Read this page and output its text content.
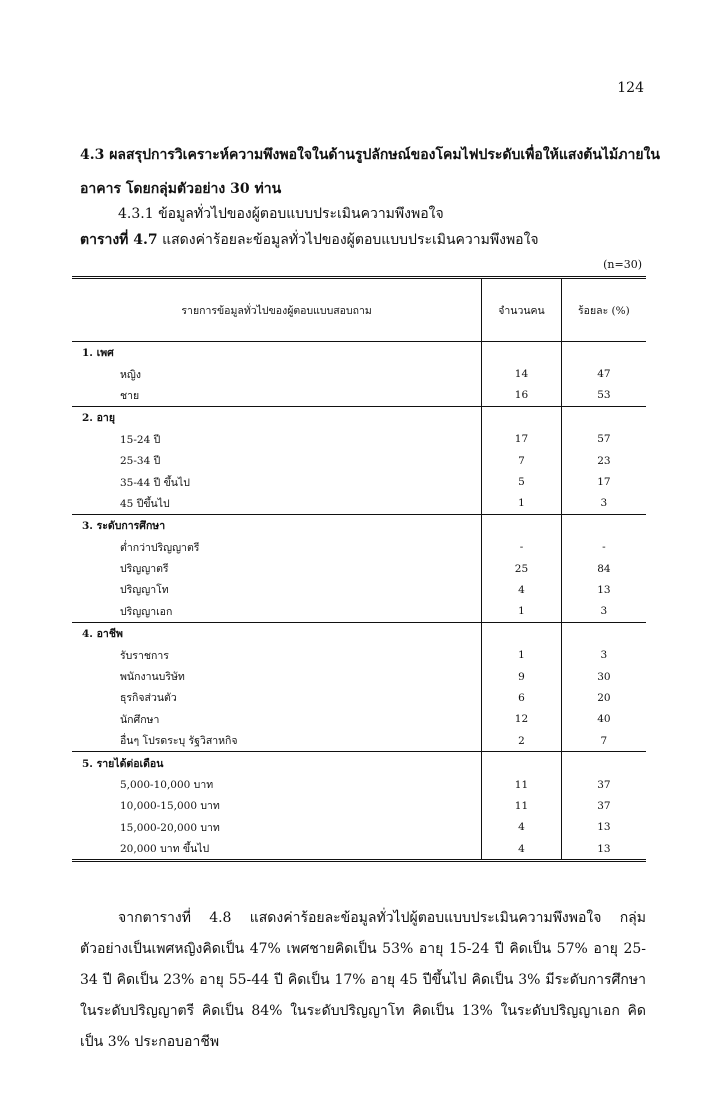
124
4.3 ผลสรุปการวิเคราะห์ความพึงพอใจในด้านรูปลักษณ์ของโคมไฟประดับเพื่อให้แสงต้นไม้ภายในอาคาร โดยกลุ่มตัวอย่าง 30 ท่าน
4.3.1 ข้อมูลทั่วไปของผู้ตอบแบบประเมินความพึงพอใจ
ตารางที่ 4.7 แสดงค่าร้อยละข้อมูลทั่วไปของผู้ตอบแบบประเมินความพึงพอใจ
(n=30)
รายการข้อมูลทั่วไปของผู้ตอบแบบสอบถาม	จำนวนคน	ร้อยละ (%)
1. เพศ		
หญิง	14	47
ชาย	16	53
2. อายุ		
15-24 ปี	17	57
25-34 ปี	7	23
35-44 ปี ขึ้นไป	5	17
45 ปีขึ้นไป	1	3
3. ระดับการศึกษา		
ต่ำกว่าปริญญาตรี	-	-
ปริญญาตรี	25	84
ปริญญาโท	4	13
ปริญญาเอก	1	3
4. อาชีพ		
รับราชการ	1	3
พนักงานบริษัท	9	30
ธุรกิจส่วนตัว	6	20
นักศึกษา	12	40
อื่นๆ โปรดระบุ รัฐวิสาหกิจ	2	7
5. รายได้ต่อเดือน		
5,000-10,000 บาท	11	37
10,000-15,000 บาท	11	37
15,000-20,000 บาท	4	13
20,000 บาท ขึ้นไป	4	13
จากตารางที่ 4.8 แสดงค่าร้อยละข้อมูลทั่วไปผู้ตอบแบบประเมินความพึงพอใจ กลุ่มตัวอย่างเป็นเพศหญิงคิดเป็น 47% เพศชายคิดเป็น 53% อายุ 15-24 ปี คิดเป็น 57% อายุ 25-34 ปี คิดเป็น 23% อายุ 55-44 ปี คิดเป็น 17% อายุ 45 ปีขึ้นไป คิดเป็น 3% มีระดับการศึกษาในระดับปริญญาตรี คิดเป็น 84% ในระดับปริญญาโท คิดเป็น 13% ในระดับปริญญาเอก คิดเป็น 3% ประกอบอาชีพ
